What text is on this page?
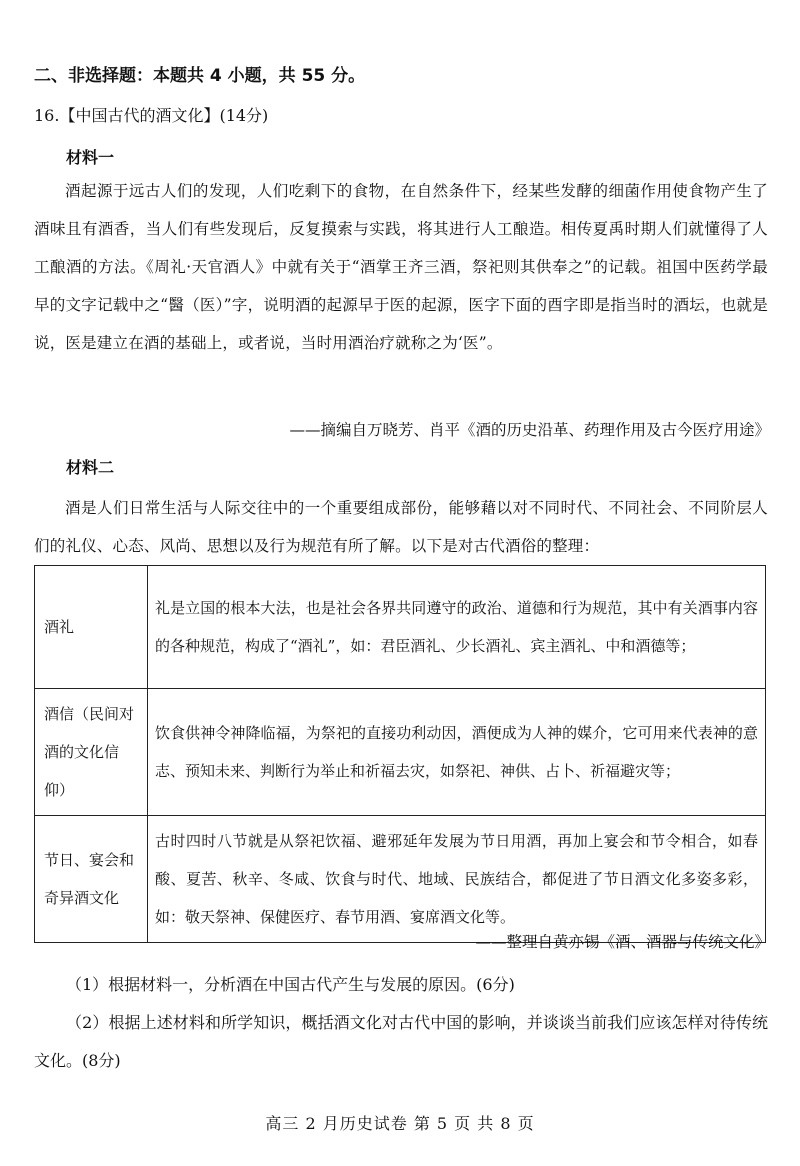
二、非选择题：本题共 4 小题，共 55 分。
16.【中国古代的酒文化】(14分)
材料一
酒起源于远古人们的发现，人们吃剩下的食物，在自然条件下，经某些发酵的细菌作用使食物产生了酒味且有酒香，当人们有些发现后，反复摸索与实践，将其进行人工酿造。相传夏禹时期人们就懂得了人工酿酒的方法。《周礼·天官酒人》中就有关于“酒掌王齐三酒，祭祀则其供奉之”的记载。祖国中医药学最早的文字记载中之“醫（医）”字，说明酒的起源早于医的起源，医字下面的酉字即是指当时的酒坛，也就是说，医是建立在酒的基础上，或者说，当时用酒治疗就称之为‘医”。
——摘编自万晓芳、肖平《酒的历史沿革、药理作用及古今医疗用途》
材料二
酒是人们日常生活与人际交往中的一个重要组成部份，能够藉以对不同时代、不同社会、不同阶层人们的礼仪、心态、风尚、思想以及行为规范有所了解。以下是对古代酒俗的整理：
酒礼	礼是立国的根本大法，也是社会各界共同遵守的政治、道德和行为规范，其中有关酒事内容的各种规范，构成了“酒礼”，如：君臣酒礼、少长酒礼、宾主酒礼、中和酒德等；
酒信（民间对酒的文化信仰）	饮食供神令神降临福，为祭祀的直接功利动因，酒便成为人神的媒介，它可用来代表神的意志、预知未来、判断行为举止和祈福去灾，如祭祀、神供、占卜、祈福避灾等；
节日、宴会和奇异酒文化	古时四时八节就是从祭祀饮福、避邪延年发展为节日用酒，再加上宴会和节令相合，如春酸、夏苦、秋辛、冬咸、饮食与时代、地域、民族结合，都促进了节日酒文化多姿多彩，如：敬天祭神、保健医疗、春节用酒、宴席酒文化等。
——整理自黄亦锡《酒、酒器与传统文化》
（1）根据材料一，分析酒在中国古代产生与发展的原因。(6分)
（2）根据上述材料和所学知识，概括酒文化对古代中国的影响，并谈谈当前我们应该怎样对待传统文化。(8分)
高三 2 月历史试卷 第 5 页 共 8 页
